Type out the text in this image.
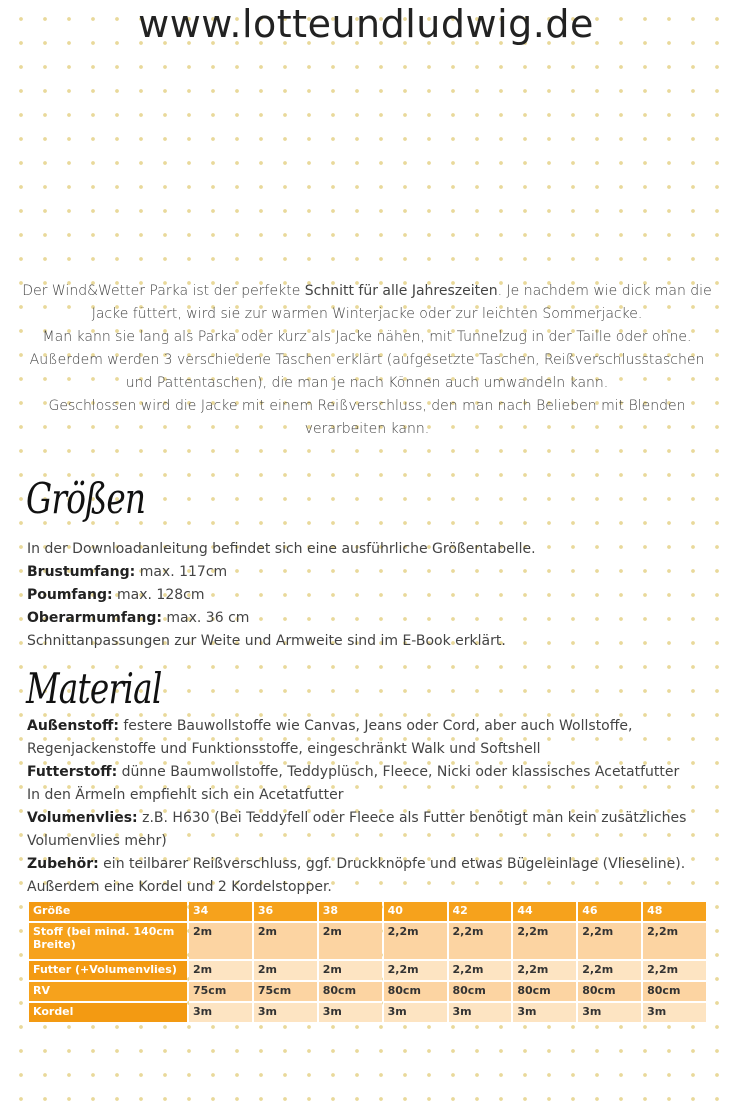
www.lotteundludwig.de

Der Wind&Wetter Parka ist der perfekte Schnitt für alle Jahreszeiten. Je nachdem wie dick man die Jacke füttert, wird sie zur warmen Winterjacke oder zur leichten Sommerjacke.

Man kann sie lang als Parka oder kurz als Jacke nähen, mit Tunnelzug in der Taille oder ohne.

Außerdem werden 3 verschiedene Taschen erklärt (aufgesetzte Taschen, Reißverschlusstaschen und Pattentaschen), die man je nach Können auch umwandeln kann.

Geschlossen wird die Jacke mit einem Reißverschluss, den man nach Belieben mit Blenden verarbeiten kann.

Größen

In der Downloadanleitung befindet sich eine ausführliche Größentabelle.

Brustumfang: max. 117cm

Poumfang: max. 128cm

Oberarmumfang: max. 36 cm

Schnittanpassungen zur Weite und Armweite sind im E-Book erklärt.

Material

Außenstoff: festere Bauwollstoffe wie Canvas, Jeans oder Cord, aber auch Wollstoffe, Regenjackenstoffe und Funktionsstoffe, eingeschränkt Walk und Softshell

Futterstoff: dünne Baumwollstoffe, Teddyplüsch, Fleece, Nicki oder klassisches Acetatfutter

In den Ärmeln empfiehlt sich ein Acetatfutter

Volumenvlies: z.B. H630 (Bei Teddyfell oder Fleece als Futter benötigt man kein zusätzliches Volumenvlies mehr)

Zubehör: ein teilbarer Reißverschluss, ggf. Druckknöpfe und etwas Bügeleinlage (Vlieseline).

Außerdem eine Kordel und 2 Kordelstopper.

Größe	34	36	38	40	42	44	46	48
Stoff (bei mind. 140cm Breite)	2m	2m	2m	2,2m	2,2m	2,2m	2,2m	2,2m
Futter (+Volumenvlies)	2m	2m	2m	2,2m	2,2m	2,2m	2,2m	2,2m
RV	75cm	75cm	80cm	80cm	80cm	80cm	80cm	80cm
Kordel	3m	3m	3m	3m	3m	3m	3m	3m
